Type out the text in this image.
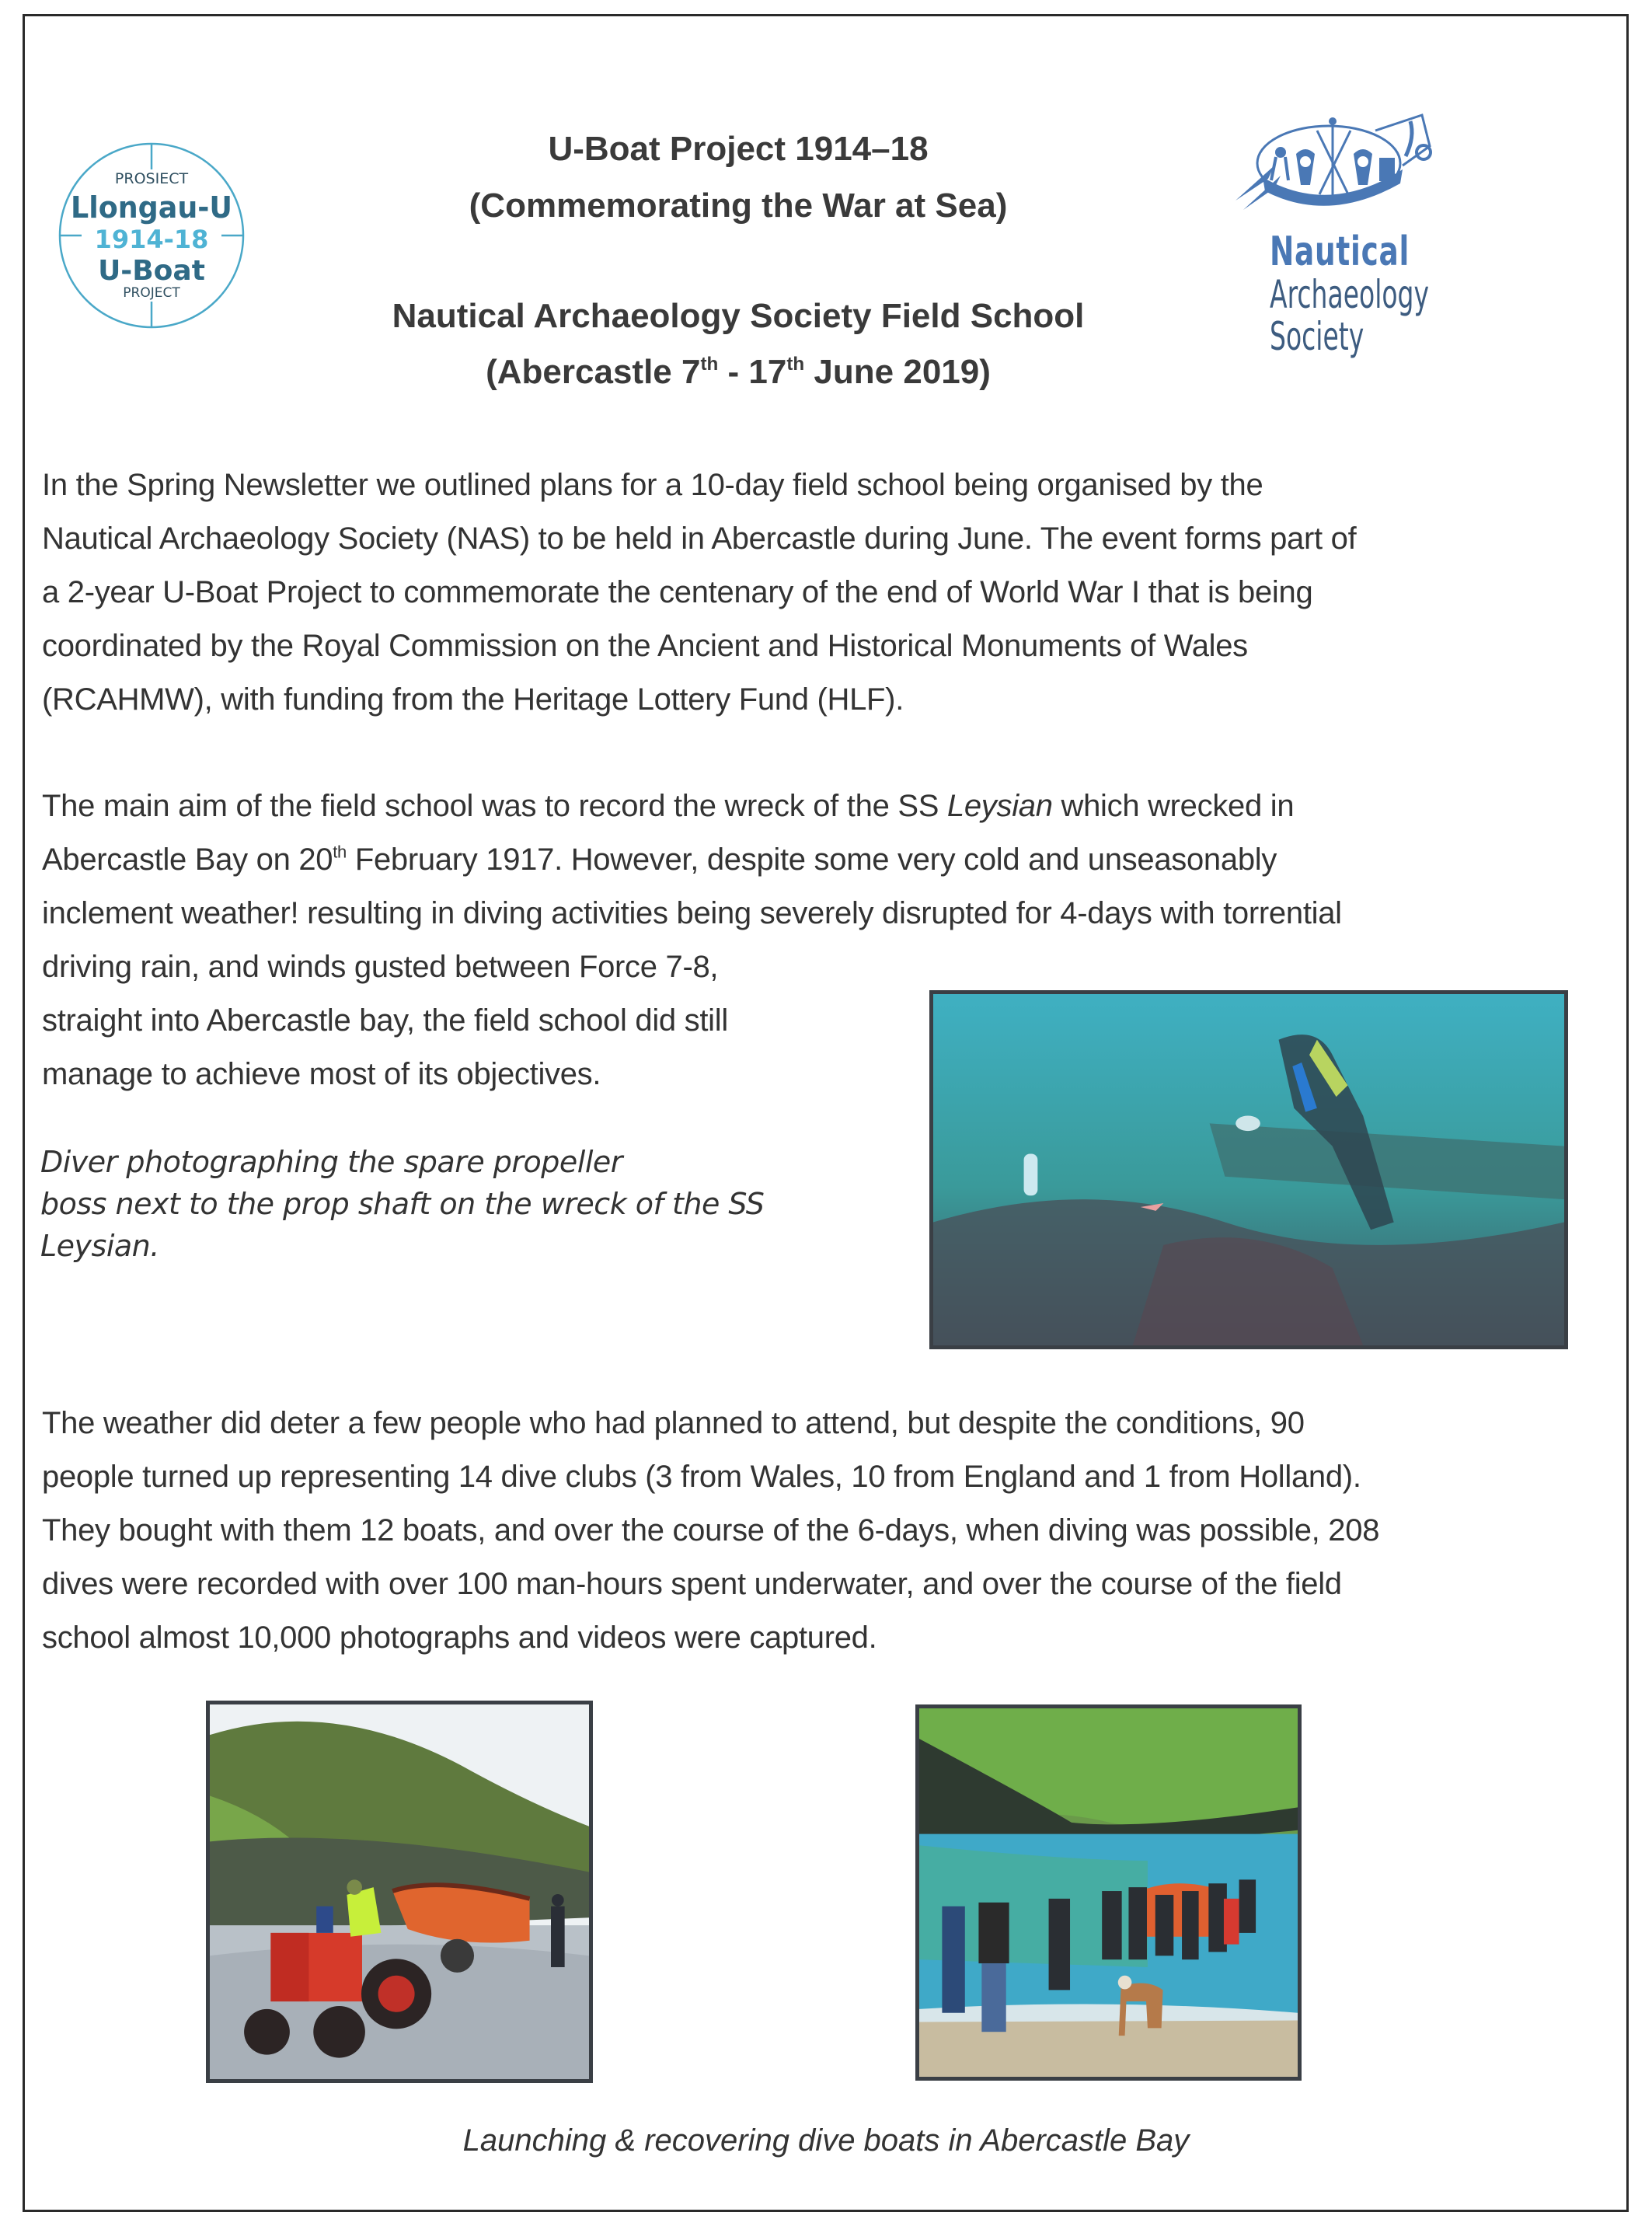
PROSIECT
Llongau-U
1914-18
U-Boat
PROJECT
Nautical
Archaeology
Society
U-Boat Project 1914–18
(Commemorating the War at Sea)
Nautical Archaeology Society Field School
(Abercastle 7th - 17th June 2019)
In the Spring Newsletter we outlined plans for a 10-day field school being organised by the
Nautical Archaeology Society (NAS) to be held in Abercastle during June. The event forms part of
a 2-year U-Boat Project to commemorate the centenary of the end of World War I that is being
coordinated by the Royal Commission on the Ancient and Historical Monuments of Wales
(RCAHMW), with funding from the Heritage Lottery Fund (HLF).
The main aim of the field school was to record the wreck of the SS Leysian which wrecked in
Abercastle Bay on 20th February 1917. However, despite some very cold and unseasonably
inclement weather! resulting in diving activities being severely disrupted for 4-days with torrential
driving rain, and winds gusted between Force 7-8,
straight into Abercastle bay, the field school did still
manage to achieve most of its objectives.
Diver photographing the spare propeller
boss next to the prop shaft on the wreck of the SS
Leysian.
The weather did deter a few people who had planned to attend, but despite the conditions, 90
people turned up representing 14 dive clubs (3 from Wales, 10 from England and 1 from Holland).
They bought with them 12 boats, and over the course of the 6-days, when diving was possible, 208
dives were recorded with over 100 man-hours spent underwater, and over the course of the field
school almost 10,000 photographs and videos were captured.
Launching & recovering dive boats in Abercastle Bay
